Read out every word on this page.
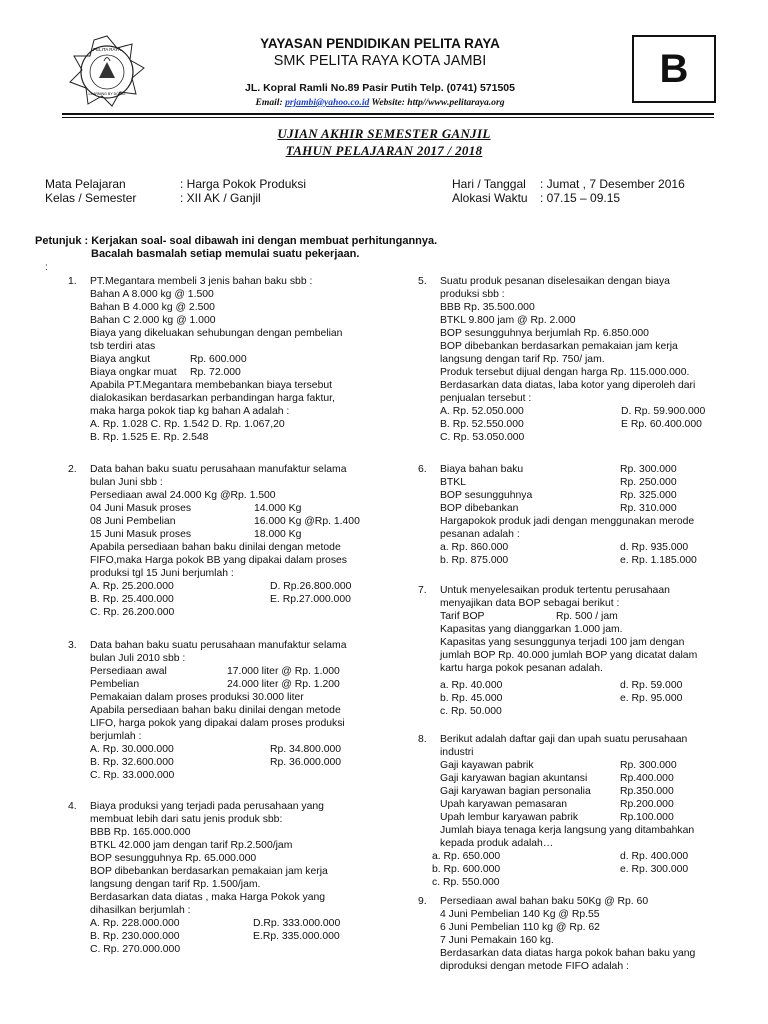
PELITA RAYA
LEARNING BY DOING
YAYASAN PENDIDIKAN PELITA RAYA
SMK PELITA RAYA KOTA JAMBI
JL. Kopral Ramli No.89 Pasir Putih Telp. (0741) 571505
Email: prjambi@yahoo.co.id Website: http//www.pelitaraya.org
B
UJIAN AKHIR SEMESTER GANJIL
TAHUN PELAJARAN 2017 / 2018
Mata Pelajaran	: Harga Pokok Produksi
Kelas / Semester	: XII AK / Ganjil
Hari / Tanggal : Jumat , 7 Desember 2016
Alokasi Waktu : 07.15 – 09.15
Petunjuk : Kerjakan soal- soal dibawah ini dengan membuat perhitungannya.
Bacalah basmalah setiap memulai suatu pekerjaan.
:
1. PT.Megantara membeli 3 jenis bahan baku sbb :
Bahan A 8.000 kg @ 1.500
Bahan B 4.000 kg @ 2.500
Bahan C 2.000 kg @ 1.000
Biaya yang dikeluakan sehubungan dengan pembelian
tsb terdiri atas
Biaya angkut	Rp. 600.000
Biaya ongkar muat Rp. 72.000
Apabila PT.Megantara membebankan biaya tersebut
dialokasikan berdasarkan perbandingan harga faktur,
maka harga pokok tiap kg bahan A adalah :
A. Rp. 1.028 C. Rp. 1.542 D. Rp. 1.067,20
B. Rp. 1.525 E. Rp. 2.548
2. Data bahan baku suatu perusahaan manufaktur selama
bulan Juni sbb :
Persediaan awal 24.000 Kg @Rp. 1.500
04 Juni Masuk proses	14.000 Kg
08 Juni Pembelian	16.000 Kg @Rp. 1.400
15 Juni Masuk proses	18.000 Kg
Apabila persediaan bahan baku dinilai dengan metode
FIFO,maka Harga pokok BB yang dipakai dalam proses
produksi tgl 15 Juni berjumlah :
A. Rp. 25.200.000	D. Rp.26.800.000
B. Rp. 25.400.000	E. Rp.27.000.000
C. Rp. 26.200.000
3. Data bahan baku suatu perusahaan manufaktur selama
bulan Juli 2010 sbb :
Persediaan awal	17.000 liter @ Rp. 1.000
Pembelian	24.000 liter @ Rp. 1.200
Pemakaian dalam proses produksi 30.000 liter
Apabila persediaan bahan baku dinilai dengan metode
LIFO, harga pokok yang dipakai dalam proses produksi
berjumlah :
A. Rp. 30.000.000	Rp. 34.800.000
B. Rp. 32.600.000	Rp. 36.000.000
C. Rp. 33.000.000
4. Biaya produksi yang terjadi pada perusahaan yang
membuat lebih dari satu jenis produk sbb:
BBB Rp. 165.000.000
BTKL 42.000 jam dengan tarif Rp.2.500/jam
BOP sesungguhnya Rp. 65.000.000
BOP dibebankan berdasarkan pemakaian jam kerja
langsung dengan tarif Rp. 1.500/jam.
Berdasarkan data diatas , maka Harga Pokok yang
dihasilkan berjumlah :
A. Rp. 228.000.000	D.Rp. 333.000.000
B. Rp. 230.000.000	E.Rp. 335.000.000
C. Rp. 270.000.000
5. Suatu produk pesanan diselesaikan dengan biaya
produksi sbb :
BBB Rp. 35.500.000
BTKL 9.800 jam @ Rp. 2.000
BOP sesungguhnya berjumlah Rp. 6.850.000
BOP dibebankan berdasarkan pemakaian jam kerja
langsung dengan tarif Rp. 750/ jam.
Produk tersebut dijual dengan harga Rp. 115.000.000.
Berdasarkan data diatas, laba kotor yang diperoleh dari
penjualan tersebut :
A. Rp. 52.050.000	D. Rp. 59.900.000
B. Rp. 52.550.000	E Rp. 60.400.000
C. Rp. 53.050.000
6. Biaya bahan baku	Rp. 300.000
BTKL	Rp. 250.000
BOP sesungguhnya	Rp. 325.000
BOP dibebankan	Rp. 310.000
Hargapokok produk jadi dengan menggunakan merode
pesanan adalah :
a. Rp. 860.000	d. Rp. 935.000
b. Rp. 875.000	e. Rp. 1.185.000
7. Untuk menyelesaikan produk tertentu perusahaan
menyajikan data BOP sebagai berikut :
Tarif BOP	Rp. 500 / jam
Kapasitas yang dianggarkan 1.000 jam.
Kapasitas yang sesunggunya terjadi 100 jam dengan
jumlah BOP Rp. 40.000 jumlah BOP yang dicatat dalam
kartu harga pokok pesanan adalah.
a. Rp. 40.000	d. Rp. 59.000
b. Rp. 45.000	e. Rp. 95.000
c. Rp. 50.000
8. Berikut adalah daftar gaji dan upah suatu perusahaan
industri
Gaji kayawan pabrik	Rp. 300.000
Gaji karyawan bagian akuntansi	Rp.400.000
Gaji karyawan bagian personalia	Rp.350.000
Upah karyawan pemasaran	Rp.200.000
Upah lembur karyawan pabrik	Rp.100.000
Jumlah biaya tenaga kerja langsung yang ditambahkan
kepada produk adalah…
a. Rp. 650.000	d. Rp. 400.000
b. Rp. 600.000	e. Rp. 300.000
c. Rp. 550.000
9. Persediaan awal bahan baku 50Kg @ Rp. 60
4 Juni Pembelian 140 Kg @ Rp.55
6 Juni Pembelian 110 kg @ Rp. 62
7 Juni Pemakain 160 kg.
Berdasarkan data diatas harga pokok bahan baku yang
diproduksi dengan metode FIFO adalah :
